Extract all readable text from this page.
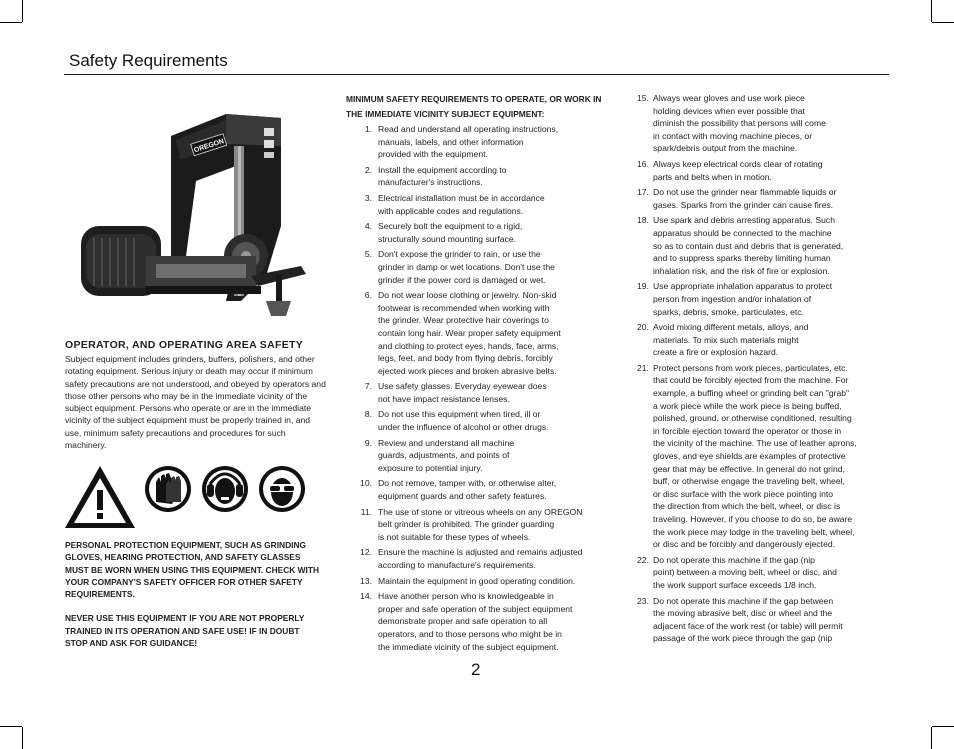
Safety Requirements
OREGON
OPERATOR, AND OPERATING AREA SAFETY

Subject equipment includes grinders, buffers, polishers, and other rotating equipment. Serious injury or death may occur if minimum safety precautions are not understood, and obeyed by operators and those other persons who may be in the immediate vicinity of the subject equipment. Persons who operate or are in the immediate vicinity of the subject equipment must be properly trained in, and use, minimum safety precautions and procedures for such machinery.

PERSONAL PROTECTION EQUIPMENT, SUCH AS GRINDING GLOVES, HEARING PROTECTION, AND SAFETY GLASSES MUST BE WORN WHEN USING THIS EQUIPMENT. CHECK WITH YOUR COMPANY'S SAFETY OFFICER FOR OTHER SAFETY REQUIREMENTS.

NEVER USE THIS EQUIPMENT IF YOU ARE NOT PROPERLY TRAINED IN ITS OPERATION AND SAFE USE! IF IN DOUBT STOP AND ASK FOR GUIDANCE!

MINIMUM SAFETY REQUIREMENTS TO OPERATE, OR WORK IN THE IMMEDIATE VICINITY SUBJECT EQUIPMENT:
1. Read and understand all operating instructions,
manuals, labels, and other information
provided with the equipment.
2. Install the equipment according to
manufacturer's instructions.
3. Electrical installation must be in accordance
with applicable codes and regulations.
4. Securely bolt the equipment to a rigid,
structurally sound mounting surface.
5. Don't expose the grinder to rain, or use the
grinder in damp or wet locations. Don't use the
grinder if the power cord is damaged or wet.
6. Do not wear loose clothing or jewelry. Non-skid
footwear is recommended when working with
the grinder. Wear protective hair coverings to
contain long hair. Wear proper safety equipment
and clothing to protect eyes, hands, face, arms,
legs, feet, and body from flying debris, forcibly
ejected work pieces and broken abrasive belts.
7. Use safety glasses. Everyday eyewear does
not have impact resistance lenses.
8. Do not use this equipment when tired, ill or
under the influence of alcohol or other drugs.
9. Review and understand all machine
guards, adjustments, and points of
exposure to potential injury.
10. Do not remove, tamper with, or otherwise alter,
equipment guards and other safety features.
11. The use of stone or vitreous wheels on any OREGON
belt grinder is prohibited. The grinder guarding
is not suitable for these types of wheels.
12. Ensure the machine is adjusted and remains adjusted
according to manufacture's requirements.
13. Maintain the equipment in good operating condition.
14. Have another person who is knowledgeable in
proper and safe operation of the subject equipment
demonstrate proper and safe operation to all
operators, and to those persons who might be in
the immediate vicinity of the subject equipment.
15. Always wear gloves and use work piece
holding devices when ever possible that
diminish the possibility that persons will come
in contact with moving machine pieces, or
spark/debris output from the machine.
16. Always keep electrical cords clear of rotating
parts and belts when in motion.
17. Do not use the grinder near flammable liquids or
gases. Sparks from the grinder can cause fires.
18. Use spark and debris arresting apparatus. Such
apparatus should be connected to the machine
so as to contain dust and debris that is generated,
and to suppress sparks thereby limiting human
inhalation risk, and the risk of fire or explosion.
19. Use appropriate inhalation apparatus to protect
person from ingestion and/or inhalation of
sparks, debris, smoke, particulates, etc.
20. Avoid mixing different metals, alloys, and
materials. To mix such materials might
create a fire or explosion hazard.
21. Protect persons from work pieces, particulates, etc.
that could be forcibly ejected from the machine. For
example, a buffing wheel or grinding belt can "grab"
a work piece while the work piece is being buffed,
polished, ground, or otherwise conditioned, resulting
in forcible ejection toward the operator or those in
the vicinity of the machine. The use of leather aprons,
gloves, and eye shields are examples of protective
gear that may be effective. In general do not grind,
buff, or otherwise engage the traveling belt, wheel,
or disc surface with the work piece pointing into
the direction from which the belt, wheel, or disc is
traveling. However, if you choose to do so, be aware
the work piece may lodge in the traveling belt, wheel,
or disc and be forcibly and dangerously ejected.
22. Do not operate this machine if the gap (nip
point) between a moving belt, wheel or disc, and
the work support surface exceeds 1/8 inch.
23. Do not operate this machine if the gap between
the moving abrasive belt, disc or wheel and the
adjacent face of the work rest (or table) will permit
passage of the work piece through the gap (nip
2
